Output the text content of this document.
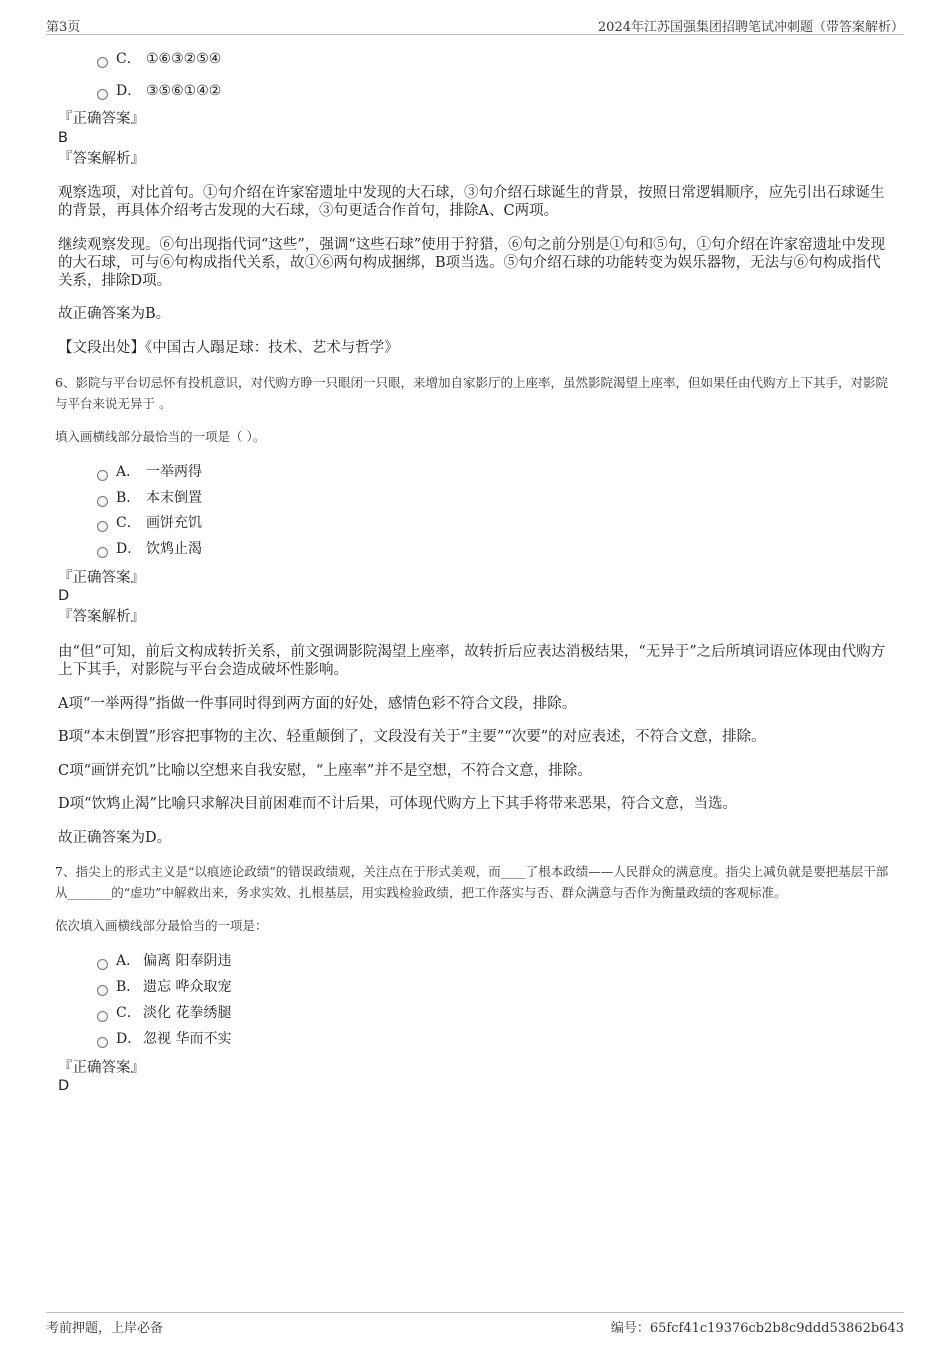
第3页	2024年江苏国强集团招聘笔试冲刺题（带答案解析）
C． ①⑥③②⑤④
D． ③⑤⑥①④②
『正确答案』
B
『答案解析』
观察选项，对比首句。①句介绍在许家窑遗址中发现的大石球，③句介绍石球诞生的背景，按照日常逻辑顺序，应先引出石球诞生的背景，再具体介绍考古发现的大石球，③句更适合作首句，排除A、C两项。
继续观察发现。⑥句出现指代词“这些”，强调“这些石球”使用于狩猎，⑥句之前分别是①句和⑤句，①句介绍在许家窑遗址中发现的大石球，可与⑥句构成指代关系，故①⑥两句构成捆绑，B项当选。⑤句介绍石球的功能转变为娱乐器物，无法与⑥句构成指代关系，排除D项。
故正确答案为B。
【文段出处】《中国古人蹋足球：技术、艺术与哲学》
6、影院与平台切忌怀有投机意识，对代购方睁一只眼闭一只眼，来增加自家影厅的上座率，虽然影院渴望上座率，但如果任由代购方上下其手，对影院与平台来说无异于 。
填入画横线部分最恰当的一项是（ ）。
A． 一举两得
B． 本末倒置
C． 画饼充饥
D． 饮鸩止渴
『正确答案』
D
『答案解析』
由“但”可知，前后文构成转折关系，前文强调影院渴望上座率，故转折后应表达消极结果，“无异于”之后所填词语应体现由代购方上下其手，对影院与平台会造成破坏性影响。
A项“一举两得”指做一件事同时得到两方面的好处，感情色彩不符合文段，排除。
B项“本末倒置”形容把事物的主次、轻重颠倒了，文段没有关于“主要”“次要”的对应表述，不符合文意，排除。
C项“画饼充饥”比喻以空想来自我安慰，“上座率”并不是空想，不符合文意，排除。
D项“饮鸩止渴”比喻只求解决目前困难而不计后果，可体现代购方上下其手将带来恶果，符合文意，当选。
故正确答案为D。
7、指尖上的形式主义是“以痕迹论政绩”的错误政绩观，关注点在于形式美观，而____了根本政绩——人民群众的满意度。指尖上减负就是要把基层干部从_______的“虚功”中解救出来，务求实效、扎根基层，用实践检验政绩，把工作落实与否、群众满意与否作为衡量政绩的客观标准。
依次填入画横线部分最恰当的一项是：
A． 偏离 阳奉阴违
B． 遗忘 哗众取宠
C． 淡化 花拳绣腿
D． 忽视 华而不实
『正确答案』
D
考前押题，上岸必备	编号：65fcf41c19376cb2b8c9ddd53862b643
